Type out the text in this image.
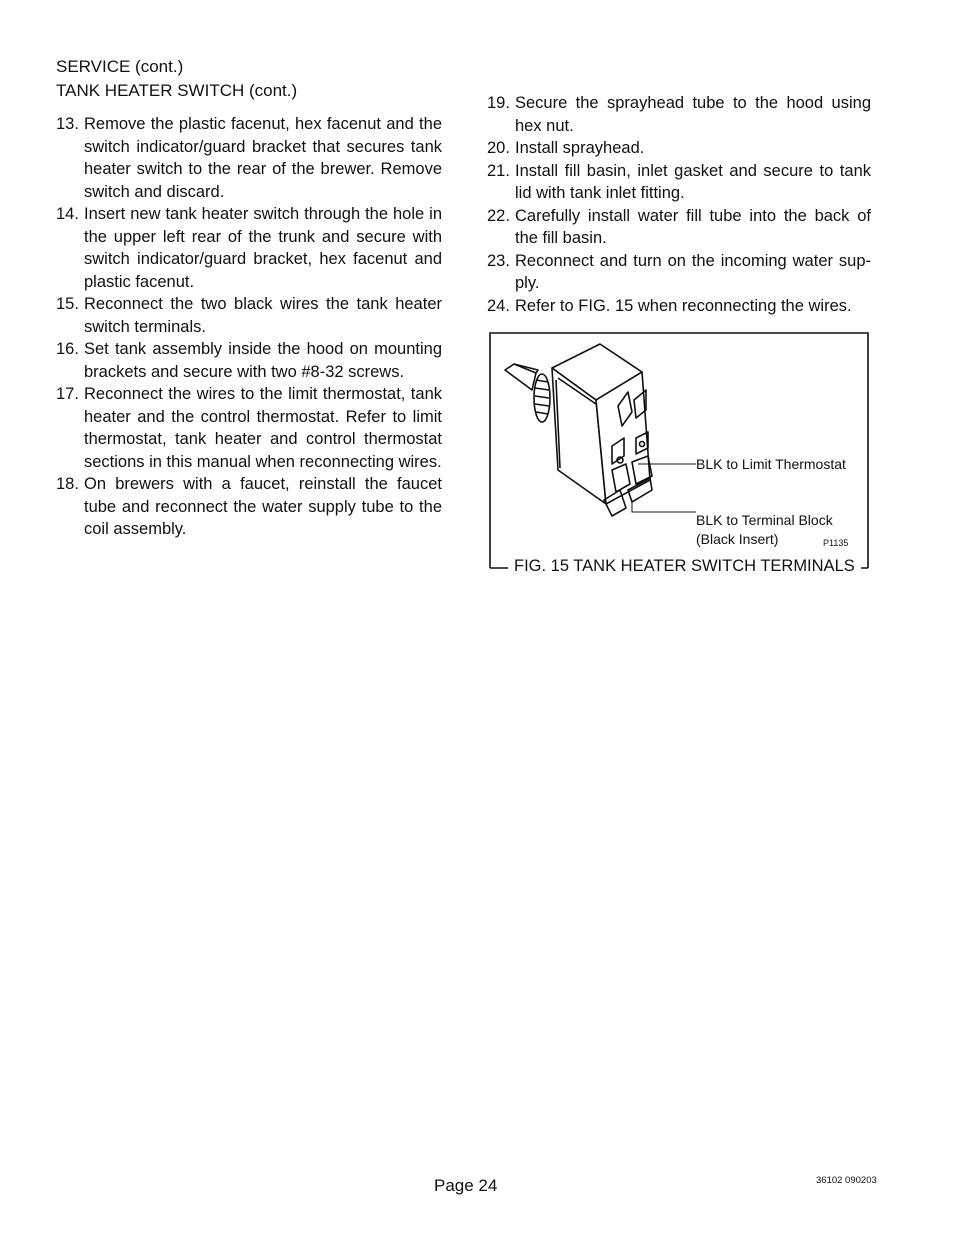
SERVICE (cont.)
TANK HEATER SWITCH (cont.)

13. Remove the plastic facenut, hex facenut and the switch indicator/guard bracket that secures tank heater switch to the rear of the brewer. Remove switch and discard.

14. Insert new tank heater switch through the hole in the upper left rear of the trunk and secure with switch indicator/guard bracket, hex facenut and plastic facenut.

15. Reconnect the two black wires the tank heater switch terminals.

16. Set tank assembly inside the hood on mounting brackets and secure with two #8-32 screws.

17. Reconnect the wires to the limit thermostat, tank heater and the control thermostat. Refer to limit thermostat, tank heater and control thermostat sections in this manual when reconnecting wires.

18. On brewers with a faucet, reinstall the faucet tube and reconnect the water supply tube to the coil assembly.

19. Secure the sprayhead tube to the hood using hex nut.

20. Install sprayhead.

21. Install fill basin, inlet gasket and secure to tank lid with tank inlet fitting.

22. Carefully install water fill tube into the back of the fill basin.

23. Reconnect and turn on the incoming water sup-ply.

24. Refer to FIG. 15 when reconnecting the wires.

BLK to Limit Thermostat
BLK to Terminal Block
(Black Insert)	P1135
FIG. 15 TANK HEATER SWITCH TERMINALS
Page 24	36102 090203
